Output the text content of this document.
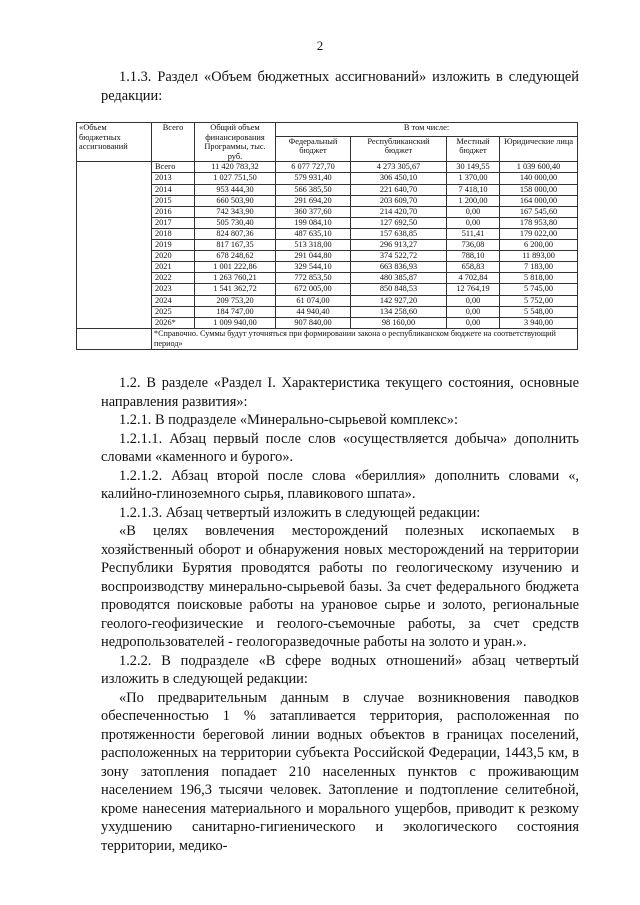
2

1.1.3. Раздел «Объем бюджетных ассигнований» изложить в следующей редакции:

«Объем бюджетных ассигнований	Всего	Общий объем финансирования Программы, тыс. руб.	В том числе:			
			Федеральный бюджет	Республиканский бюджет	Местный бюджет	Юридические лица
	Всего	11 420 783,32	6 077 727,70	4 273 305,67	30 149,55	1 039 600,40
	2013	1 027 751,50	579 931,40	306 450,10	1 370,00	140 000,00
	2014	953 444,30	566 385,50	221 640,70	7 418,10	158 000,00
	2015	660 503,90	291 694,20	203 609,70	1 200,00	164 000,00
	2016	742 343,90	360 377,60	214 420,70	0,00	167 545,60
	2017	505 730,40	199 084,10	127 692,50	0,00	178 953,80
	2018	824 807,36	487 635,10	157 638,85	511,41	179 022,00
	2019	817 167,35	513 318,00	296 913,27	736,08	6 200,00
	2020	678 248,62	291 044,80	374 522,72	788,10	11 893,00
	2021	1 001 222,86	329 544,10	663 836,93	658,83	7 183,00
	2022	1 263 760,21	772 853,50	480 385,87	4 702,84	5 818,00
	2023	1 541 362,72	672 005,00	850 848,53	12 764,19	5 745,00
	2024	209 753,20	61 074,00	142 927,20	0,00	5 752,00
	2025	184 747,00	44 940,40	134 258,60	0,00	5 548,00
	2026*	1 009 940,00	907 840,00	98 160,00	0,00	3 940,00
	*Справочно. Суммы будут уточняться при формировании закона о республиканском бюджете на соответствующий период»					

1.2. В разделе «Раздел I. Характеристика текущего состояния, основные направления развития»:

1.2.1. В подразделе «Минерально-сырьевой комплекс»:

1.2.1.1. Абзац первый после слов «осуществляется добыча» дополнить словами «каменного и бурого».

1.2.1.2. Абзац второй после слова «бериллия» дополнить словами «, калийно-глиноземного сырья, плавикового шпата».

1.2.1.3. Абзац четвертый изложить в следующей редакции:

«В целях вовлечения месторождений полезных ископаемых в хозяйственный оборот и обнаружения новых месторождений на территории Республики Бурятия проводятся работы по геологическому изучению и воспроизводству минерально-сырьевой базы. За счет федерального бюджета проводятся поисковые работы на урановое сырье и золото, региональные геолого-геофизические и геолого-съемочные работы, за счет средств недропользователей - геологоразведочные работы на золото и уран.».

1.2.2. В подразделе «В сфере водных отношений» абзац четвертый изложить в следующей редакции:

«По предварительным данным в случае возникновения паводков обеспеченностью 1 % затапливается территория, расположенная по протяженности береговой линии водных объектов в границах поселений, расположенных на территории субъекта Российской Федерации, 1443,5 км, в зону затопления попадает 210 населенных пунктов с проживающим населением 196,3 тысячи человек. Затопление и подтопление селитебной, кроме нанесения материального и морального ущербов, приводит к резкому ухудшению санитарно-гигиенического и экологического состояния территории, медико-
